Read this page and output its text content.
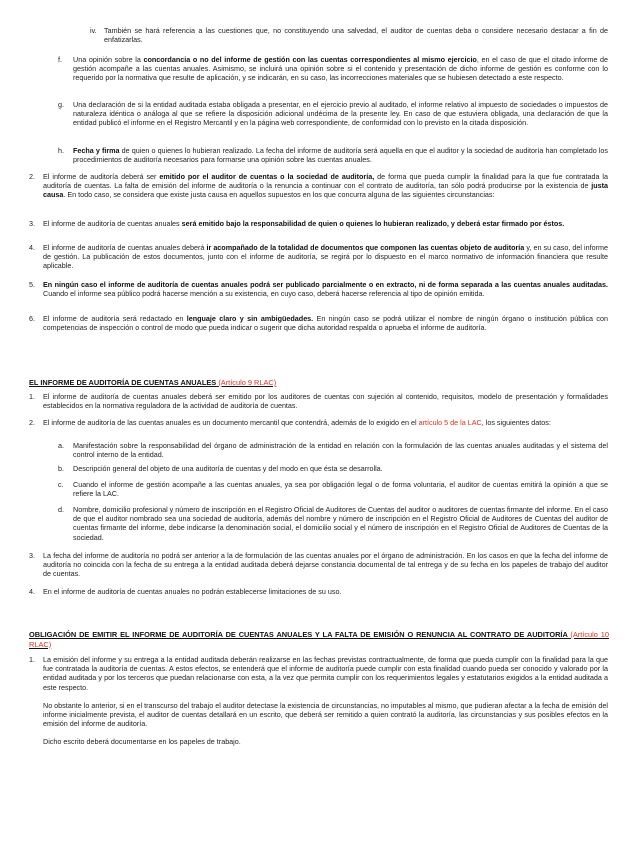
iv. También se hará referencia a las cuestiones que, no constituyendo una salvedad, el auditor de cuentas deba o considere necesario destacar a fin de enfatizarlas.

f. Una opinión sobre la concordancia o no del informe de gestión con las cuentas correspondientes al mismo ejercicio, en el caso de que el citado informe de gestión acompañe a las cuentas anuales. Asimismo, se incluirá una opinión sobre si el contenido y presentación de dicho informe de gestión es conforme con lo requerido por la normativa que resulte de aplicación, y se indicarán, en su caso, las incorrecciones materiales que se hubiesen detectado a este respecto.

g. Una declaración de si la entidad auditada estaba obligada a presentar, en el ejercicio previo al auditado, el informe relativo al impuesto de sociedades o impuestos de naturaleza idéntica o análoga al que se refiere la disposición adicional undécima de la presente ley. En caso de que estuviera obligada, una declaración de que la entidad publicó el informe en el Registro Mercantil y en la página web correspondiente, de conformidad con lo previsto en la citada disposición.

h. Fecha y firma de quien o quienes lo hubieran realizado. La fecha del informe de auditoría será aquella en que el auditor y la sociedad de auditoría han completado los procedimientos de auditoría necesarios para formarse una opinión sobre las cuentas anuales.

2. El informe de auditoría deberá ser emitido por el auditor de cuentas o la sociedad de auditoría, de forma que pueda cumplir la finalidad para la que fue contratada la auditoría de cuentas. La falta de emisión del informe de auditoría o la renuncia a continuar con el contrato de auditoría, tan sólo podrá producirse por la existencia de justa causa. En todo caso, se considera que existe justa causa en aquellos supuestos en los que concurra alguna de las siguientes circunstancias:

3. El informe de auditoría de cuentas anuales será emitido bajo la responsabilidad de quien o quienes lo hubieran realizado, y deberá estar firmado por éstos.

4. El informe de auditoría de cuentas anuales deberá ir acompañado de la totalidad de documentos que componen las cuentas objeto de auditoría y, en su caso, del informe de gestión. La publicación de estos documentos, junto con el informe de auditoría, se regirá por lo dispuesto en el marco normativo de información financiera que resulte aplicable.

5. En ningún caso el informe de auditoría de cuentas anuales podrá ser publicado parcialmente o en extracto, ni de forma separada a las cuentas anuales auditadas. Cuando el informe sea público podrá hacerse mención a su existencia, en cuyo caso, deberá hacerse referencia al tipo de opinión emitida.

6. El informe de auditoría será redactado en lenguaje claro y sin ambigüedades. En ningún caso se podrá utilizar el nombre de ningún órgano o institución pública con competencias de inspección o control de modo que pueda indicar o sugerir que dicha autoridad respalda o aprueba el informe de auditoría.

EL INFORME DE AUDITORÍA DE CUENTAS ANUALES (Artículo 9 RLAC)

1. El informe de auditoría de cuentas anuales deberá ser emitido por los auditores de cuentas con sujeción al contenido, requisitos, modelo de presentación y formalidades establecidos en la normativa reguladora de la actividad de auditoría de cuentas.

2. El informe de auditoría de las cuentas anuales es un documento mercantil que contendrá, además de lo exigido en el artículo 5 de la LAC, los siguientes datos:

a. Manifestación sobre la responsabilidad del órgano de administración de la entidad en relación con la formulación de las cuentas anuales auditadas y el sistema del control interno de la entidad.

b. Descripción general del objeto de una auditoría de cuentas y del modo en que ésta se desarrolla.

c. Cuando el informe de gestión acompañe a las cuentas anuales, ya sea por obligación legal o de forma voluntaria, el auditor de cuentas emitirá la opinión a que se refiere la LAC.

d. Nombre, domicilio profesional y número de inscripción en el Registro Oficial de Auditores de Cuentas del auditor o auditores de cuentas firmante del informe. En el caso de que el auditor nombrado sea una sociedad de auditoría, además del nombre y número de inscripción en el Registro Oficial de Auditores de Cuentas del auditor de cuentas firmante del informe, debe indicarse la denominación social, el domicilio social y el número de inscripción en el Registro Oficial de Auditores de Cuentas de la sociedad.

3. La fecha del informe de auditoría no podrá ser anterior a la de formulación de las cuentas anuales por el órgano de administración. En los casos en que la fecha del informe de auditoría no coincida con la fecha de su entrega a la entidad auditada deberá dejarse constancia documental de tal entrega y de su fecha en los papeles de trabajo del auditor de cuentas.

4. En el informe de auditoría de cuentas anuales no podrán establecerse limitaciones de su uso.

OBLIGACIÓN DE EMITIR EL INFORME DE AUDITORÍA DE CUENTAS ANUALES Y LA FALTA DE EMISIÓN O RENUNCIA AL CONTRATO DE AUDITORÍA (Artículo 10 RLAC)

1. La emisión del informe y su entrega a la entidad auditada deberán realizarse en las fechas previstas contractualmente, de forma que pueda cumplir con la finalidad para la que fue contratada la auditoría de cuentas. A estos efectos, se entenderá que el informe de auditoría puede cumplir con esta finalidad cuando pueda ser conocido y valorado por la entidad auditada y por los terceros que puedan relacionarse con esta, a la vez que permita cumplir con los requerimientos legales y estatutarios exigidos a la entidad auditada a este respecto.

No obstante lo anterior, si en el transcurso del trabajo el auditor detectase la existencia de circunstancias, no imputables al mismo, que pudieran afectar a la fecha de emisión del informe inicialmente prevista, el auditor de cuentas detallará en un escrito, que deberá ser remitido a quien contrató la auditoría, las circunstancias y sus posibles efectos en la emisión del informe de auditoría.

Dicho escrito deberá documentarse en los papeles de trabajo.
